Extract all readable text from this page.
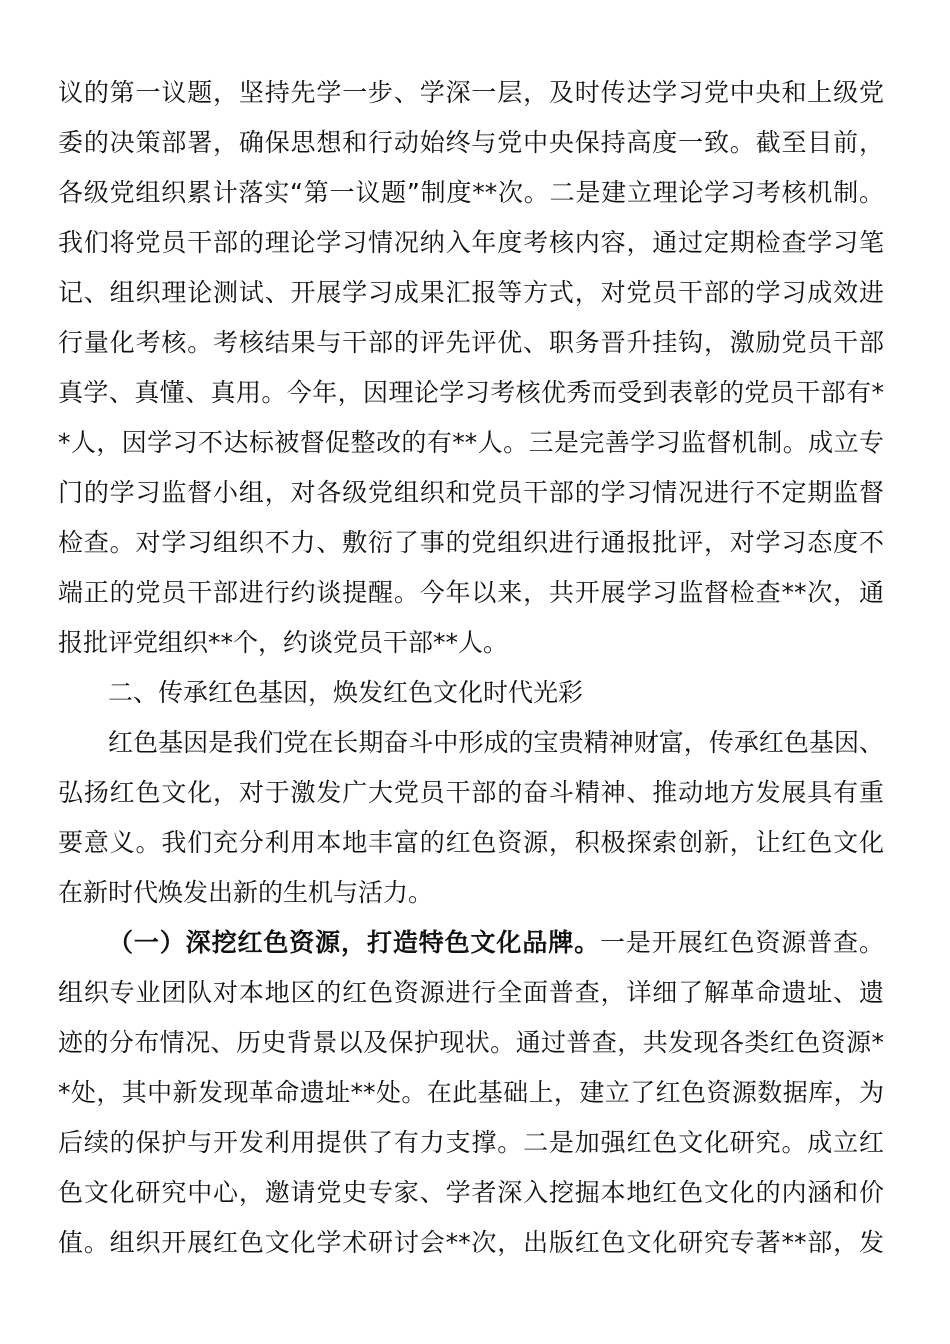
议的第一议题，坚持先学一步、学深一层，及时传达学习党中央和上级党
委的决策部署，确保思想和行动始终与党中央保持高度一致。截至目前，
各级党组织累计落实“第一议题”制度**次。二是建立理论学习考核机制。
我们将党员干部的理论学习情况纳入年度考核内容，通过定期检查学习笔
记、组织理论测试、开展学习成果汇报等方式，对党员干部的学习成效进
行量化考核。考核结果与干部的评先评优、职务晋升挂钩，激励党员干部
真学、真懂、真用。今年，因理论学习考核优秀而受到表彰的党员干部有*
*人，因学习不达标被督促整改的有**人。三是完善学习监督机制。成立专
门的学习监督小组，对各级党组织和党员干部的学习情况进行不定期监督
检查。对学习组织不力、敷衍了事的党组织进行通报批评，对学习态度不
端正的党员干部进行约谈提醒。今年以来，共开展学习监督检查**次，通
报批评党组织**个，约谈党员干部**人。
二、传承红色基因，焕发红色文化时代光彩
红色基因是我们党在长期奋斗中形成的宝贵精神财富，传承红色基因、
弘扬红色文化，对于激发广大党员干部的奋斗精神、推动地方发展具有重
要意义。我们充分利用本地丰富的红色资源，积极探索创新，让红色文化
在新时代焕发出新的生机与活力。
（一）深挖红色资源，打造特色文化品牌。一是开展红色资源普查。
组织专业团队对本地区的红色资源进行全面普查，详细了解革命遗址、遗
迹的分布情况、历史背景以及保护现状。通过普查，共发现各类红色资源*
*处，其中新发现革命遗址**处。在此基础上，建立了红色资源数据库，为
后续的保护与开发利用提供了有力支撑。二是加强红色文化研究。成立红
色文化研究中心，邀请党史专家、学者深入挖掘本地红色文化的内涵和价
值。组织开展红色文化学术研讨会**次，出版红色文化研究专著**部，发
